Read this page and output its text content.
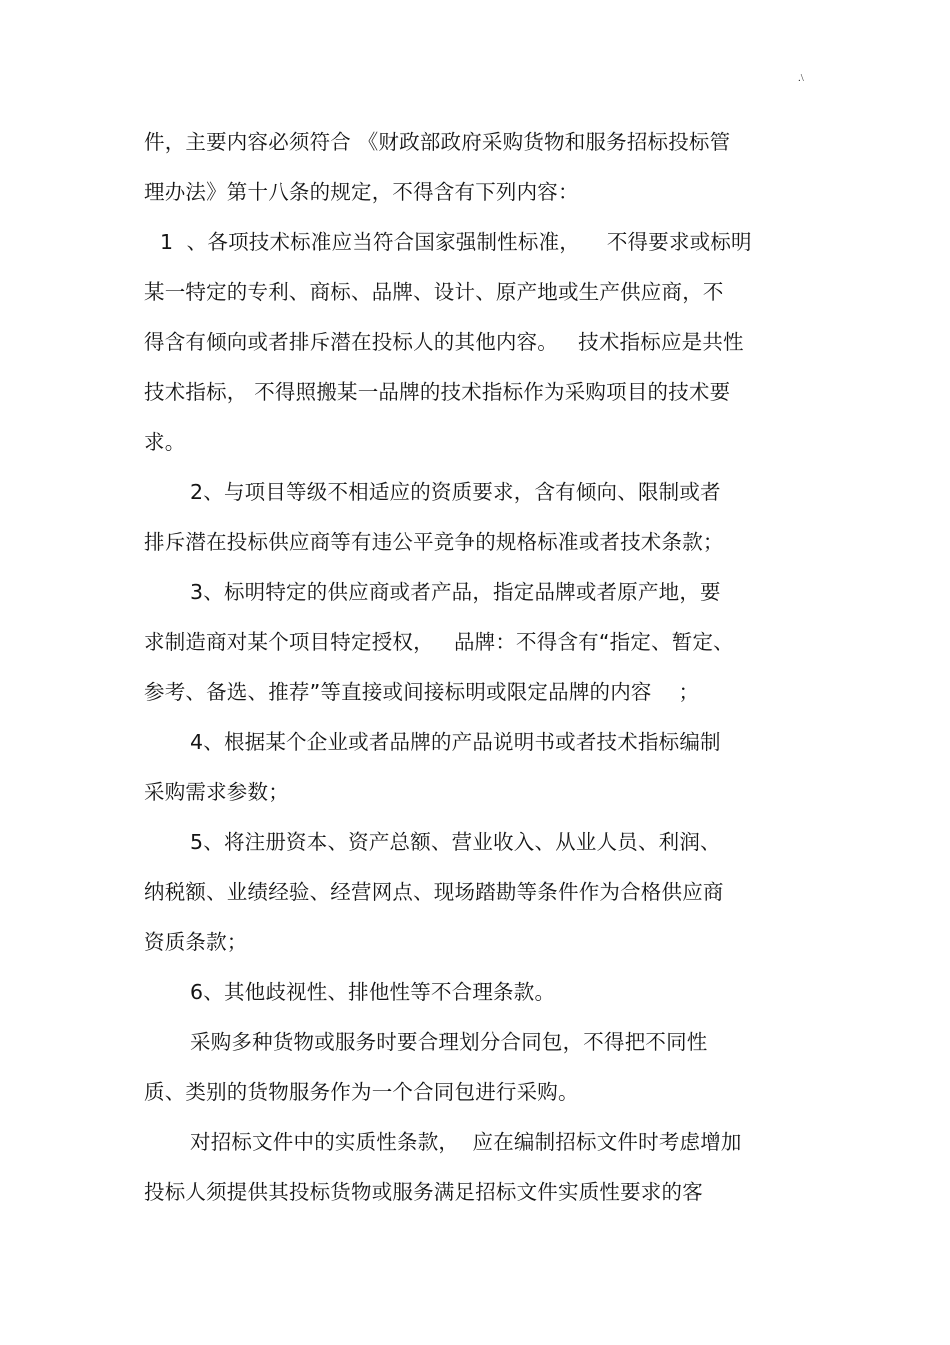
.\
件，主要内容必须符合 《财政部政府采购货物和服务招标投标管
理办法》第十八条的规定，不得含有下列内容：
1  、各项技术标准应当符合国家强制性标准，    不得要求或标明
某一特定的专利、商标、品牌、设计、原产地或生产供应商，不
得含有倾向或者排斥潜在投标人的其他内容。   技术指标应是共性
技术指标， 不得照搬某一品牌的技术指标作为采购项目的技术要
求。
2、与项目等级不相适应的资质要求，含有倾向、限制或者
排斥潜在投标供应商等有违公平竞争的规格标准或者技术条款；
3、标明特定的供应商或者产品，指定品牌或者原产地，要
求制造商对某个项目特定授权，   品牌：不得含有“指定、暂定、
参考、备选、推荐”等直接或间接标明或限定品牌的内容    ；
4、根据某个企业或者品牌的产品说明书或者技术指标编制
采购需求参数；
5、将注册资本、资产总额、营业收入、从业人员、利润、
纳税额、业绩经验、经营网点、现场踏勘等条件作为合格供应商
资质条款；
6、其他歧视性、排他性等不合理条款。
采购多种货物或服务时要合理划分合同包，不得把不同性
质、类别的货物服务作为一个合同包进行采购。
对招标文件中的实质性条款，  应在编制招标文件时考虑增加
投标人须提供其投标货物或服务满足招标文件实质性要求的客
